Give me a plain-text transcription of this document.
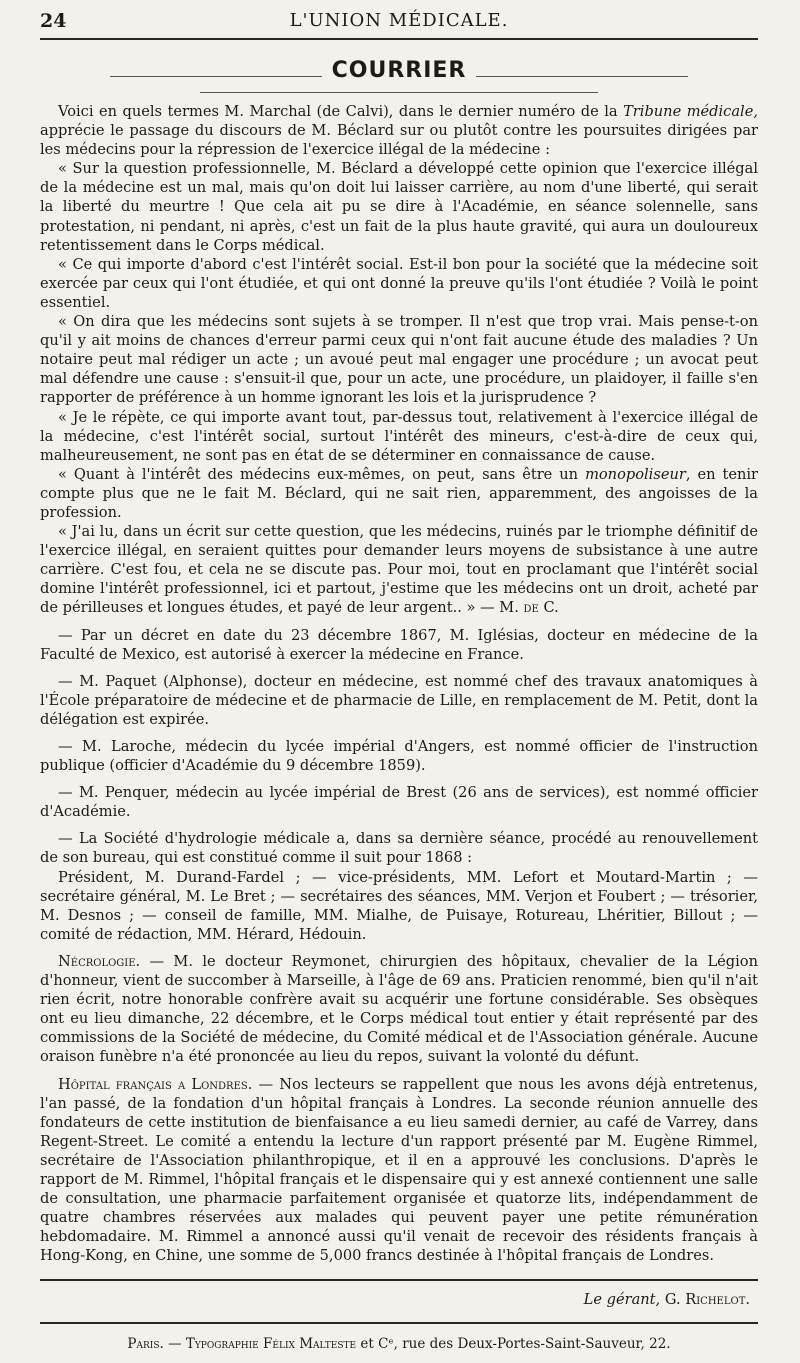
24	L'UNION MÉDICALE.
COURRIER

Voici en quels termes M. Marchal (de Calvi), dans le dernier numéro de la Tribune médicale, apprécie le passage du discours de M. Béclard sur ou plutôt contre les poursuites dirigées par les médecins pour la répression de l'exercice illégal de la médecine :

« Sur la question professionnelle, M. Béclard a développé cette opinion que l'exercice illégal de la médecine est un mal, mais qu'on doit lui laisser carrière, au nom d'une liberté, qui serait la liberté du meurtre ! Que cela ait pu se dire à l'Académie, en séance solennelle, sans protestation, ni pendant, ni après, c'est un fait de la plus haute gravité, qui aura un douloureux retentissement dans le Corps médical.

« Ce qui importe d'abord c'est l'intérêt social. Est-il bon pour la société que la médecine soit exercée par ceux qui l'ont étudiée, et qui ont donné la preuve qu'ils l'ont étudiée ? Voilà le point essentiel.

« On dira que les médecins sont sujets à se tromper. Il n'est que trop vrai. Mais pense-t-on qu'il y ait moins de chances d'erreur parmi ceux qui n'ont fait aucune étude des maladies ? Un notaire peut mal rédiger un acte ; un avoué peut mal engager une procédure ; un avocat peut mal défendre une cause : s'ensuit-il que, pour un acte, une procédure, un plaidoyer, il faille s'en rapporter de préférence à un homme ignorant les lois et la jurisprudence ?

« Je le répète, ce qui importe avant tout, par-dessus tout, relativement à l'exercice illégal de la médecine, c'est l'intérêt social, surtout l'intérêt des mineurs, c'est-à-dire de ceux qui, malheureusement, ne sont pas en état de se déterminer en connaissance de cause.

« Quant à l'intérêt des médecins eux-mêmes, on peut, sans être un monopoliseur, en tenir compte plus que ne le fait M. Béclard, qui ne sait rien, apparemment, des angoisses de la profession.

« J'ai lu, dans un écrit sur cette question, que les médecins, ruinés par le triomphe définitif de l'exercice illégal, en seraient quittes pour demander leurs moyens de subsistance à une autre carrière. C'est fou, et cela ne se discute pas. Pour moi, tout en proclamant que l'intérêt social domine l'intérêt professionnel, ici et partout, j'estime que les médecins ont un droit, acheté par de périlleuses et longues études, et payé de leur argent.. » — M. de C.

— Par un décret en date du 23 décembre 1867, M. Iglésias, docteur en médecine de la Faculté de Mexico, est autorisé à exercer la médecine en France.

— M. Paquet (Alphonse), docteur en médecine, est nommé chef des travaux anatomiques à l'École préparatoire de médecine et de pharmacie de Lille, en remplacement de M. Petit, dont la délégation est expirée.

— M. Laroche, médecin du lycée impérial d'Angers, est nommé officier de l'instruction publique (officier d'Académie du 9 décembre 1859).

— M. Penquer, médecin au lycée impérial de Brest (26 ans de services), est nommé officier d'Académie.

— La Société d'hydrologie médicale a, dans sa dernière séance, procédé au renouvellement de son bureau, qui est constitué comme il suit pour 1868 :

Président, M. Durand-Fardel ; — vice-présidents, MM. Lefort et Moutard-Martin ; — secrétaire général, M. Le Bret ; — secrétaires des séances, MM. Verjon et Foubert ; — trésorier, M. Desnos ; — conseil de famille, MM. Mialhe, de Puisaye, Rotureau, Lhéritier, Billout ; — comité de rédaction, MM. Hérard, Hédouin.

Nécrologie. — M. le docteur Reymonet, chirurgien des hôpitaux, chevalier de la Légion d'honneur, vient de succomber à Marseille, à l'âge de 69 ans. Praticien renommé, bien qu'il n'ait rien écrit, notre honorable confrère avait su acquérir une fortune considérable. Ses obsèques ont eu lieu dimanche, 22 décembre, et le Corps médical tout entier y était représenté par des commissions de la Société de médecine, du Comité médical et de l'Association générale. Aucune oraison funèbre n'a été prononcée au lieu du repos, suivant la volonté du défunt.

Hôpital français a Londres. — Nos lecteurs se rappellent que nous les avons déjà entretenus, l'an passé, de la fondation d'un hôpital français à Londres. La seconde réunion annuelle des fondateurs de cette institution de bienfaisance a eu lieu samedi dernier, au café de Varrey, dans Regent-Street. Le comité a entendu la lecture d'un rapport présenté par M. Eugène Rimmel, secrétaire de l'Association philanthropique, et il en a approuvé les conclusions. D'après le rapport de M. Rimmel, l'hôpital français et le dispensaire qui y est annexé contiennent une salle de consultation, une pharmacie parfaitement organisée et quatorze lits, indépendamment de quatre chambres réservées aux malades qui peuvent payer une petite rémunération hebdomadaire. M. Rimmel a annoncé aussi qu'il venait de recevoir des résidents français à Hong-Kong, en Chine, une somme de 5,000 francs destinée à l'hôpital français de Londres.

Le gérant, G. Richelot.
Paris. — Typographie Félix Malteste et Cᵉ, rue des Deux-Portes-Saint-Sauveur, 22.
